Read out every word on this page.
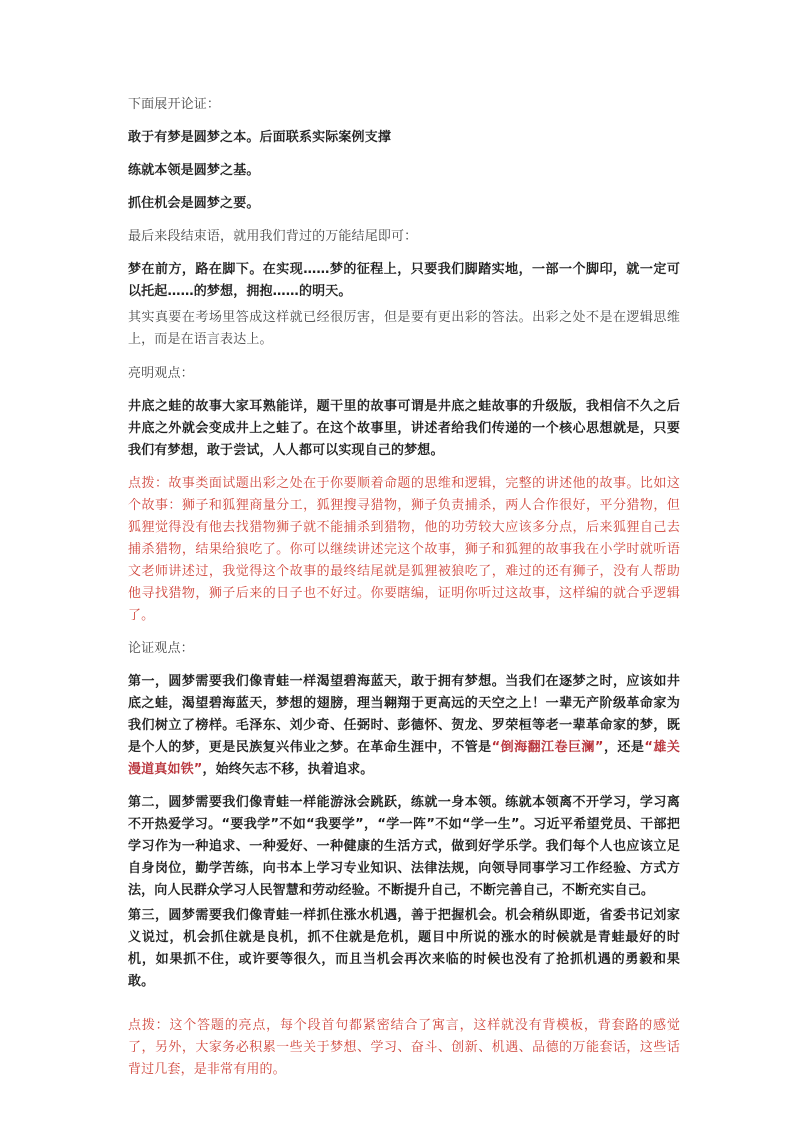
下面展开论证：

敢于有梦是圆梦之本。后面联系实际案例支撑

练就本领是圆梦之基。

抓住机会是圆梦之要。

最后来段结束语，就用我们背过的万能结尾即可：

梦在前方，路在脚下。在实现……梦的征程上，只要我们脚踏实地，一部一个脚印，就一定可以托起……的梦想，拥抱……的明天。

其实真要在考场里答成这样就已经很厉害，但是要有更出彩的答法。出彩之处不是在逻辑思维上，而是在语言表达上。

亮明观点：

井底之蛙的故事大家耳熟能详，题干里的故事可谓是井底之蛙故事的升级版，我相信不久之后井底之外就会变成井上之蛙了。在这个故事里，讲述者给我们传递的一个核心思想就是，只要我们有梦想，敢于尝试，人人都可以实现自己的梦想。

点拨：故事类面试题出彩之处在于你要顺着命题的思维和逻辑，完整的讲述他的故事。比如这个故事：狮子和狐狸商量分工，狐狸搜寻猎物，狮子负责捕杀，两人合作很好，平分猎物，但狐狸觉得没有他去找猎物狮子就不能捕杀到猎物，他的功劳较大应该多分点，后来狐狸自己去捕杀猎物，结果给狼吃了。你可以继续讲述完这个故事，狮子和狐狸的故事我在小学时就听语文老师讲述过，我觉得这个故事的最终结尾就是狐狸被狼吃了，难过的还有狮子，没有人帮助他寻找猎物，狮子后来的日子也不好过。你要瞎编，证明你听过这故事，这样编的就合乎逻辑了。

论证观点：

第一，圆梦需要我们像青蛙一样渴望碧海蓝天，敢于拥有梦想。当我们在逐梦之时，应该如井底之蛙，渴望碧海蓝天，梦想的翅膀，理当翱翔于更高远的天空之上！一辈无产阶级革命家为我们树立了榜样。毛泽东、刘少奇、任弼时、彭德怀、贺龙、罗荣桓等老一辈革命家的梦，既是个人的梦，更是民族复兴伟业之梦。在革命生涯中，不管是“倒海翻江卷巨澜”，还是“雄关漫道真如铁”，始终矢志不移，执着追求。

第二，圆梦需要我们像青蛙一样能游泳会跳跃，练就一身本领。练就本领离不开学习，学习离不开热爱学习。“要我学”不如“我要学”，“学一阵”不如“学一生”。习近平希望党员、干部把学习作为一种追求、一种爱好、一种健康的生活方式，做到好学乐学。我们每个人也应该立足自身岗位，勤学苦练，向书本上学习专业知识、法律法规，向领导同事学习工作经验、方式方法，向人民群众学习人民智慧和劳动经验。不断提升自己，不断完善自己，不断充实自己。

第三，圆梦需要我们像青蛙一样抓住涨水机遇，善于把握机会。机会稍纵即逝，省委书记刘家义说过，机会抓住就是良机，抓不住就是危机，题目中所说的涨水的时候就是青蛙最好的时机，如果抓不住，或许要等很久，而且当机会再次来临的时候也没有了抢抓机遇的勇毅和果敢。

点拨：这个答题的亮点，每个段首句都紧密结合了寓言，这样就没有背模板，背套路的感觉了，另外，大家务必积累一些关于梦想、学习、奋斗、创新、机遇、品德的万能套话，这些话背过几套，是非常有用的。
